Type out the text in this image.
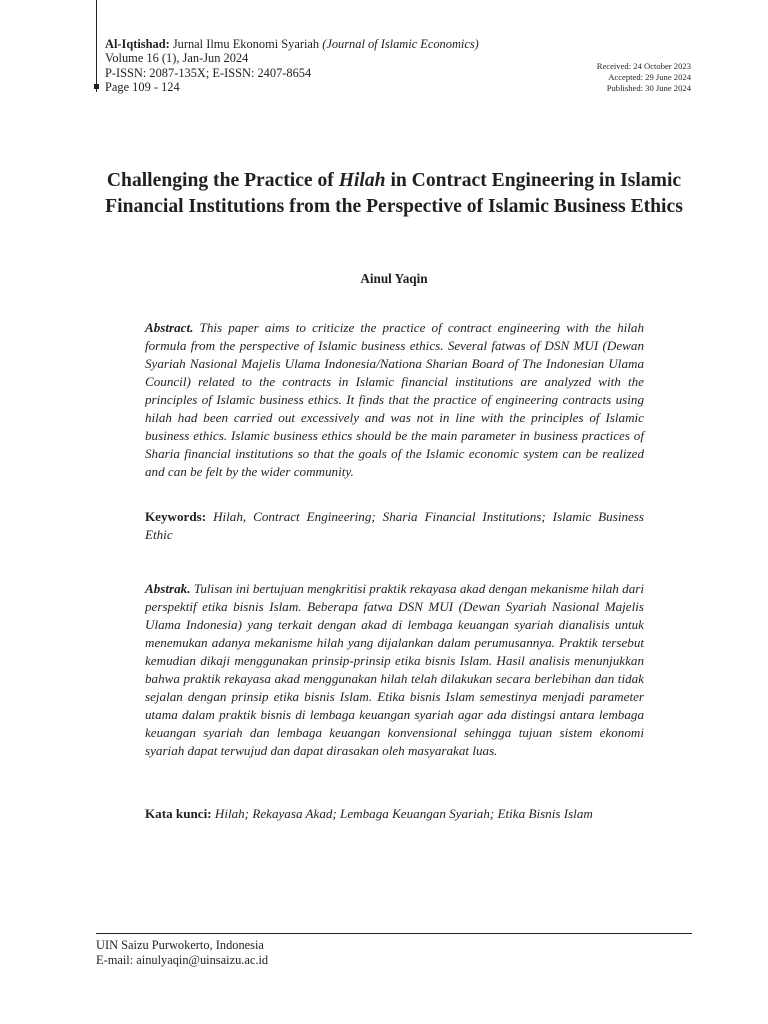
Al-Iqtishad: Jurnal Ilmu Ekonomi Syariah (Journal of Islamic Economics)
Volume 16 (1), Jan-Jun 2024
P-ISSN: 2087-135X; E-ISSN: 2407-8654
Page 109 - 124
Received: 24 October 2023
Accepted: 29 June 2024
Published: 30 June 2024
Challenging the Practice of Hilah in Contract Engineering in Islamic Financial Institutions from the Perspective of Islamic Business Ethics
Ainul Yaqin
Abstract. This paper aims to criticize the practice of contract engineering with the hilah formula from the perspective of Islamic business ethics. Several fatwas of DSN MUI (Dewan Syariah Nasional Majelis Ulama Indonesia/Nationa Sharian Board of The Indonesian Ulama Council) related to the contracts in Islamic financial institutions are analyzed with the principles of Islamic business ethics. It finds that the practice of engineering contracts using hilah had been carried out excessively and was not in line with the principles of Islamic business ethics. Islamic business ethics should be the main parameter in business practices of Sharia financial institutions so that the goals of the Islamic economic system can be realized and can be felt by the wider community.
Keywords: Hilah, Contract Engineering; Sharia Financial Institutions; Islamic Business Ethic
Abstrak. Tulisan ini bertujuan mengkritisi praktik rekayasa akad dengan mekanisme hilah dari perspektif etika bisnis Islam. Beberapa fatwa DSN MUI (Dewan Syariah Nasional Majelis Ulama Indonesia) yang terkait dengan akad di lembaga keuangan syariah dianalisis untuk menemukan adanya mekanisme hilah yang dijalankan dalam perumusannya. Praktik tersebut kemudian dikaji menggunakan prinsip-prinsip etika bisnis Islam. Hasil analisis menunjukkan bahwa praktik rekayasa akad menggunakan hilah telah dilakukan secara berlebihan dan tidak sejalan dengan prinsip etika bisnis Islam. Etika bisnis Islam semestinya menjadi parameter utama dalam praktik bisnis di lembaga keuangan syariah agar ada distingsi antara lembaga keuangan syariah dan lembaga keuangan konvensional sehingga tujuan sistem ekonomi syariah dapat terwujud dan dapat dirasakan oleh masyarakat luas.
Kata kunci: Hilah; Rekayasa Akad; Lembaga Keuangan Syariah; Etika Bisnis Islam
UIN Saizu Purwokerto, Indonesia
E-mail: ainulyaqin@uinsaizu.ac.id
